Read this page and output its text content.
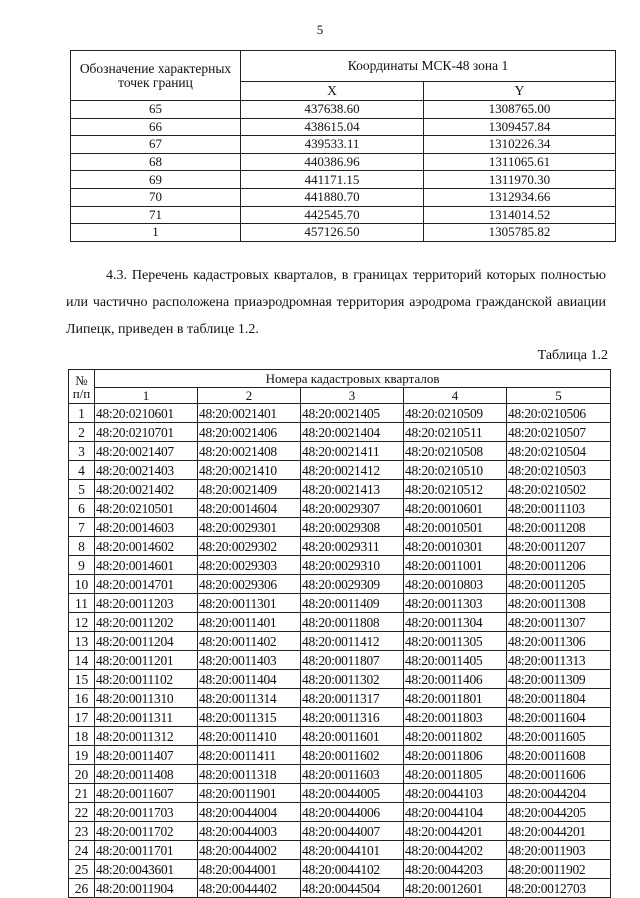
5
Обозначение характерных точек границ	Координаты МСК-48 зона 1	
	X	Y
65	437638.60	1308765.00
66	438615.04	1309457.84
67	439533.11	1310226.34
68	440386.96	1311065.61
69	441171.15	1311970.30
70	441880.70	1312934.66
71	442545.70	1314014.52
1	457126.50	1305785.82
4.3. Перечень кадастровых кварталов, в границах территорий которых полностью или частично расположена приаэродромная территория аэродрома гражданской авиации Липецк, приведен в таблице 1.2.
Таблица 1.2
№
п/п	Номера кадастровых кварталов				
	1	2	3	4	5
1	48:20:0210601	48:20:0021401	48:20:0021405	48:20:0210509	48:20:0210506
2	48:20:0210701	48:20:0021406	48:20:0021404	48:20:0210511	48:20:0210507
3	48:20:0021407	48:20:0021408	48:20:0021411	48:20:0210508	48:20:0210504
4	48:20:0021403	48:20:0021410	48:20:0021412	48:20:0210510	48:20:0210503
5	48:20:0021402	48:20:0021409	48:20:0021413	48:20:0210512	48:20:0210502
6	48:20:0210501	48:20:0014604	48:20:0029307	48:20:0010601	48:20:0011103
7	48:20:0014603	48:20:0029301	48:20:0029308	48:20:0010501	48:20:0011208
8	48:20:0014602	48:20:0029302	48:20:0029311	48:20:0010301	48:20:0011207
9	48:20:0014601	48:20:0029303	48:20:0029310	48:20:0011001	48:20:0011206
10	48:20:0014701	48:20:0029306	48:20:0029309	48:20:0010803	48:20:0011205
11	48:20:0011203	48:20:0011301	48:20:0011409	48:20:0011303	48:20:0011308
12	48:20:0011202	48:20:0011401	48:20:0011808	48:20:0011304	48:20:0011307
13	48:20:0011204	48:20:0011402	48:20:0011412	48:20:0011305	48:20:0011306
14	48:20:0011201	48:20:0011403	48:20:0011807	48:20:0011405	48:20:0011313
15	48:20:0011102	48:20:0011404	48:20:0011302	48:20:0011406	48:20:0011309
16	48:20:0011310	48:20:0011314	48:20:0011317	48:20:0011801	48:20:0011804
17	48:20:0011311	48:20:0011315	48:20:0011316	48:20:0011803	48:20:0011604
18	48:20:0011312	48:20:0011410	48:20:0011601	48:20:0011802	48:20:0011605
19	48:20:0011407	48:20:0011411	48:20:0011602	48:20:0011806	48:20:0011608
20	48:20:0011408	48:20:0011318	48:20:0011603	48:20:0011805	48:20:0011606
21	48:20:0011607	48:20:0011901	48:20:0044005	48:20:0044103	48:20:0044204
22	48:20:0011703	48:20:0044004	48:20:0044006	48:20:0044104	48:20:0044205
23	48:20:0011702	48:20:0044003	48:20:0044007	48:20:0044201	48:20:0044201
24	48:20:0011701	48:20:0044002	48:20:0044101	48:20:0044202	48:20:0011903
25	48:20:0043601	48:20:0044001	48:20:0044102	48:20:0044203	48:20:0011902
26	48:20:0011904	48:20:0044402	48:20:0044504	48:20:0012601	48:20:0012703
